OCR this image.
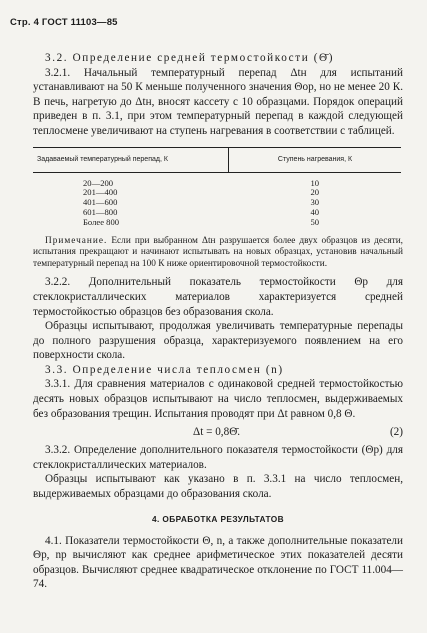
Стр. 4 ГОСТ 11103—85

3.2. Определение средней термостойкости (Θ̄)

3.2.1. Начальный температурный перепад Δtн для испытаний устанавливают на 50 К меньше полученного значения Θор, но не менее 20 К. В печь, нагретую до Δtн, вносят кассету с 10 образцами. Порядок операций приведен в п. 3.1, при этом температурный перепад в каждой следующей теплосмене увеличивают на ступень нагревания в соответствии с таблицей.

Задаваемый температурный перепад, К	Ступень нагревания, К
20—200	10
201—400	20
401—600	30
601—800	40
Более 800	50

Примечание. Если при выбранном Δtн разрушается более двух образцов из десяти, испытания прекращают и начинают испытывать на новых образцах, установив начальный температурный перепад на 100 К ниже ориентировочной термостойкости.

3.2.2. Дополнительный показатель термостойкости Θр для стеклокристаллических материалов характеризуется средней термостойкостью образцов без образования скола.

Образцы испытывают, продолжая увеличивать температурные перепады до полного разрушения образца, характеризуемого появлением на его поверхности скола.

3.3. Определение числа теплосмен (n)

3.3.1. Для сравнения материалов с одинаковой средней термостойкостью десять новых образцов испытывают на число теплосмен, выдерживаемых без образования трещин. Испытания проводят при Δt равном 0,8 Θ.

Δt = 0,8Θ̄.	(2)

3.3.2. Определение дополнительного показателя термостойкости (Θр) для стеклокристаллических материалов.

Образцы испытывают как указано в п. 3.3.1 на число теплосмен, выдерживаемых образцами до образования скола.

4. ОБРАБОТКА РЕЗУЛЬТАТОВ

4.1. Показатели термостойкости Θ, n, а также дополнительные показатели Θр, nр вычисляют как среднее арифметическое этих показателей десяти образцов. Вычисляют среднее квадратическое отклонение по ГОСТ 11.004—74.
